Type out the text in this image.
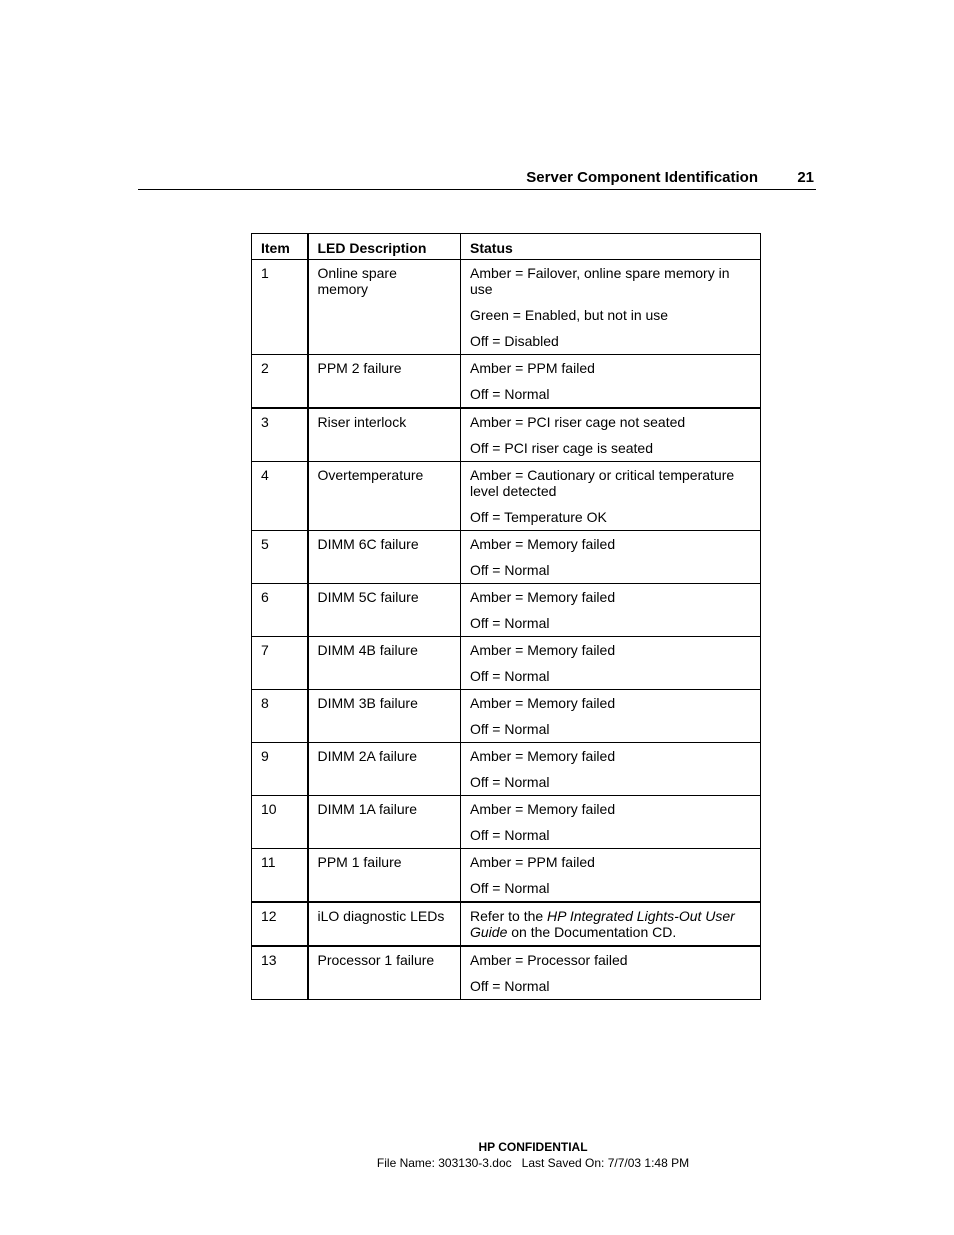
Server Component Identification	21
Item	LED Description	Status
1	Online spare memory	Amber = Failover, online spare memory in use
Green = Enabled, but not in use
Off = Disabled

2	PPM 2 failure	Amber = PPM failed
Off = Normal

3	Riser interlock	Amber = PCI riser cage not seated
Off = PCI riser cage is seated

4	Overtemperature	Amber = Cautionary or critical temperature level detected
Off = Temperature OK

5	DIMM 6C failure	Amber = Memory failed
Off = Normal

6	DIMM 5C failure	Amber = Memory failed
Off = Normal

7	DIMM 4B failure	Amber = Memory failed
Off = Normal

8	DIMM 3B failure	Amber = Memory failed
Off = Normal

9	DIMM 2A failure	Amber = Memory failed
Off = Normal

10	DIMM 1A failure	Amber = Memory failed
Off = Normal

11	PPM 1 failure	Amber = PPM failed
Off = Normal

12	iLO diagnostic LEDs	Refer to the HP Integrated Lights-Out User Guide on the Documentation CD.

13	Processor 1 failure	Amber = Processor failed
Off = Normal
HP CONFIDENTIAL
File Name: 303130-3.doc   Last Saved On: 7/7/03 1:48 PM
